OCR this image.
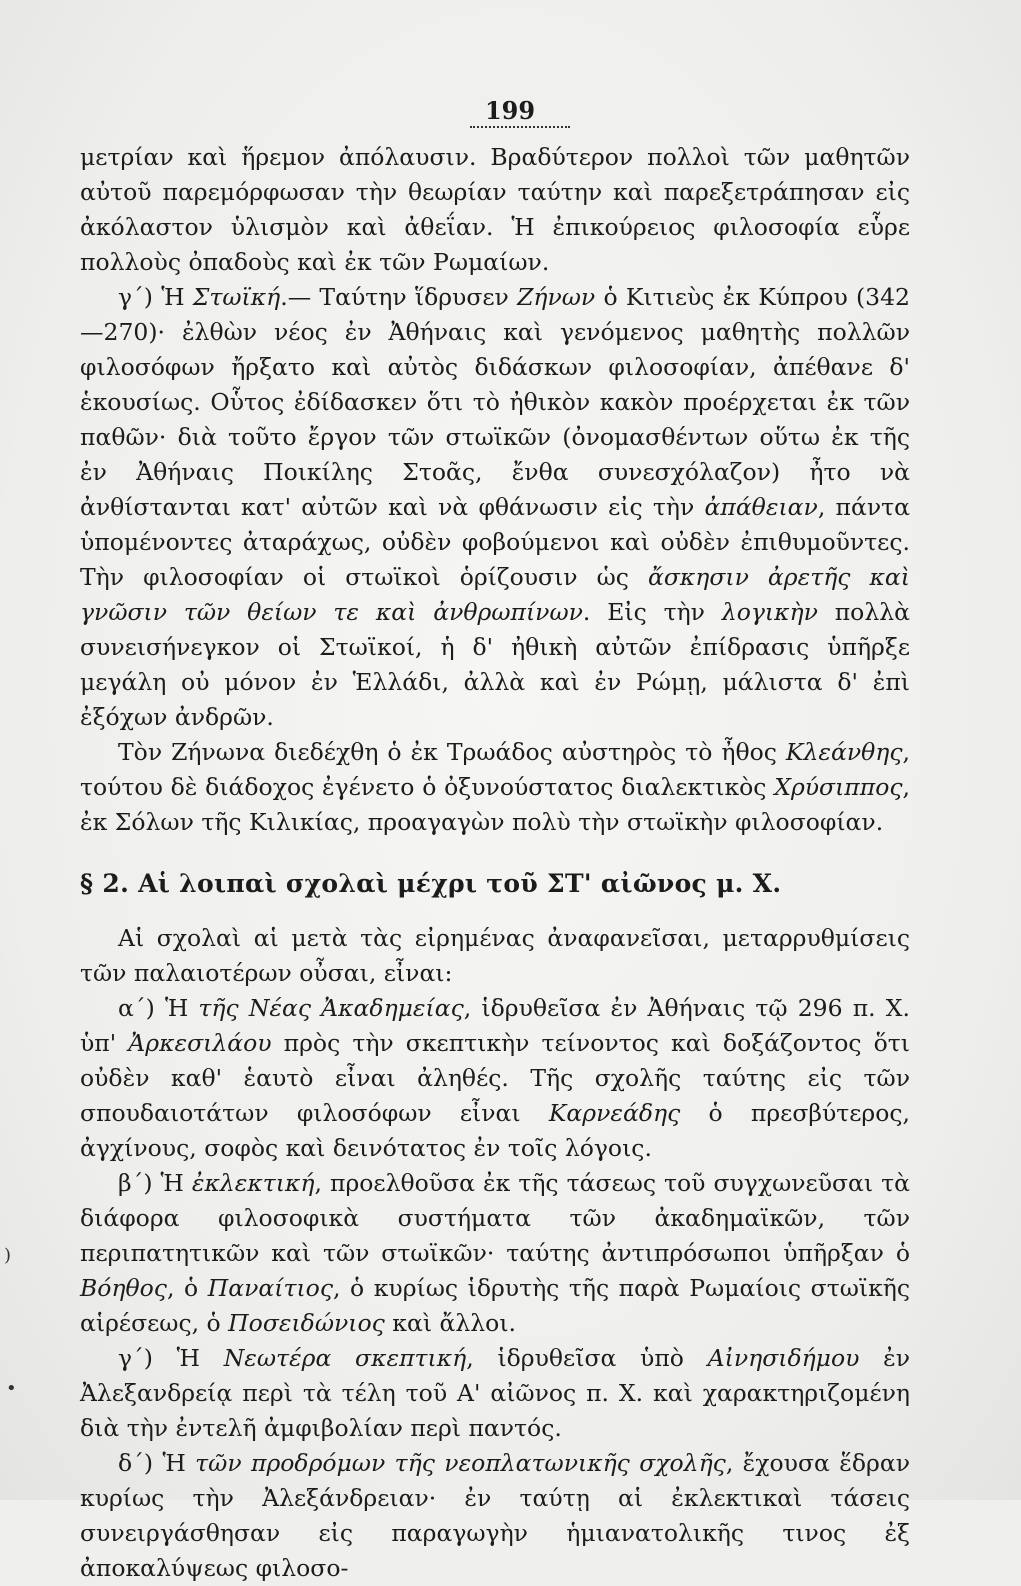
199

μετρίαν καὶ ἥρεμον ἀπόλαυσιν. Βραδύτερον πολλοὶ τῶν μαθητῶν αὐτοῦ παρεμόρφωσαν τὴν θεωρίαν ταύτην καὶ παρεξετράπησαν εἰς ἀκόλαστον ὑλισμὸν καὶ ἀθεΐαν. Ἡ ἐπικούρειος φιλοσοφία εὗρε πολλοὺς ὀπαδοὺς καὶ ἐκ τῶν Ρωμαίων.

γ΄) Ἡ Στωϊκή.— Ταύτην ἵδρυσεν Ζήνων ὁ Κιτιεὺς ἐκ Κύπρου (342—270)· ἐλθὼν νέος ἐν Ἀθήναις καὶ γενόμενος μαθητὴς πολλῶν φιλοσόφων ἤρξατο καὶ αὐτὸς διδάσκων φιλοσοφίαν, ἀπέθανε δ' ἑκουσίως. Οὗτος ἐδίδασκεν ὅτι τὸ ἠθικὸν κακὸν προέρχεται ἐκ τῶν παθῶν· διὰ τοῦτο ἔργον τῶν στωϊκῶν (ὀνομασθέντων οὕτω ἐκ τῆς ἐν Ἀθήναις Ποικίλης Στοᾶς, ἔνθα συνεσχόλαζον) ἦτο νὰ ἀνθίστανται κατ' αὐτῶν καὶ νὰ φθάνωσιν εἰς τὴν ἀπάθειαν, πάντα ὑπομένοντες ἀταράχως, οὐδὲν φοβούμενοι καὶ οὐδὲν ἐπιθυμοῦντες. Τὴν φιλοσοφίαν οἱ στωϊκοὶ ὁρίζουσιν ὡς ἄσκησιν ἀρετῆς καὶ γνῶσιν τῶν θείων τε καὶ ἀνθρωπίνων. Εἰς τὴν λογικὴν πολλὰ συνεισήνεγκον οἱ Στωϊκοί, ἡ δ' ἠθικὴ αὐτῶν ἐπίδρασις ὑπῆρξε μεγάλη οὐ μόνον ἐν Ἑλλάδι, ἀλλὰ καὶ ἐν Ρώμῃ, μάλιστα δ' ἐπὶ ἐξόχων ἀνδρῶν.

Τὸν Ζήνωνα διεδέχθη ὁ ἐκ Τρωάδος αὐστηρὸς τὸ ἦθος Κλεάνθης, τούτου δὲ διάδοχος ἐγένετο ὁ ὀξυνούστατος διαλεκτικὸς Χρύσιππος, ἐκ Σόλων τῆς Κιλικίας, προαγαγὼν πολὺ τὴν στωϊκὴν φιλοσοφίαν.

§ 2. Αἱ λοιπαὶ σχολαὶ μέχρι τοῦ ΣΤ' αἰῶνος μ. Χ.

Αἱ σχολαὶ αἱ μετὰ τὰς εἰρημένας ἀναφανεῖσαι, μεταρρυθμίσεις τῶν παλαιοτέρων οὖσαι, εἶναι:

α΄) Ἡ τῆς Νέας Ἀκαδημείας, ἱδρυθεῖσα ἐν Ἀθήναις τῷ 296 π. Χ. ὑπ' Ἀρκεσιλάου πρὸς τὴν σκεπτικὴν τείνοντος καὶ δοξάζοντος ὅτι οὐδὲν καθ' ἑαυτὸ εἶναι ἀληθές. Τῆς σχολῆς ταύτης εἰς τῶν σπουδαιοτάτων φιλοσόφων εἶναι Καρνεάδης ὁ πρεσβύτερος, ἀγχίνους, σοφὸς καὶ δεινότατος ἐν τοῖς λόγοις.

β΄) Ἡ ἐκλεκτική, προελθοῦσα ἐκ τῆς τάσεως τοῦ συγχωνεῦσαι τὰ διάφορα φιλοσοφικὰ συστήματα τῶν ἀκαδημαϊκῶν, τῶν περιπατητικῶν καὶ τῶν στωϊκῶν· ταύτης ἀντιπρόσωποι ὑπῆρξαν ὁ Βόηθος, ὁ Παναίτιος, ὁ κυρίως ἱδρυτὴς τῆς παρὰ Ρωμαίοις στωϊκῆς αἱρέσεως, ὁ Ποσειδώνιος καὶ ἄλλοι.

γ΄) Ἡ Νεωτέρα σκεπτική, ἱδρυθεῖσα ὑπὸ Αἰνησιδήμου ἐν Ἀλεξανδρείᾳ περὶ τὰ τέλη τοῦ Α' αἰῶνος π. Χ. καὶ χαρακτηριζομένη διὰ τὴν ἐντελῆ ἀμφιβολίαν περὶ παντός.

δ΄) Ἡ τῶν προδρόμων τῆς νεοπλατωνικῆς σχολῆς, ἔχουσα ἕδραν κυρίως τὴν Ἀλεξάνδρειαν· ἐν ταύτῃ αἱ ἐκλεκτικαὶ τάσεις συνειργάσθησαν εἰς παραγωγὴν ἡμιανατολικῆς τινος ἐξ ἀποκαλύψεως φιλοσο-

)
•
